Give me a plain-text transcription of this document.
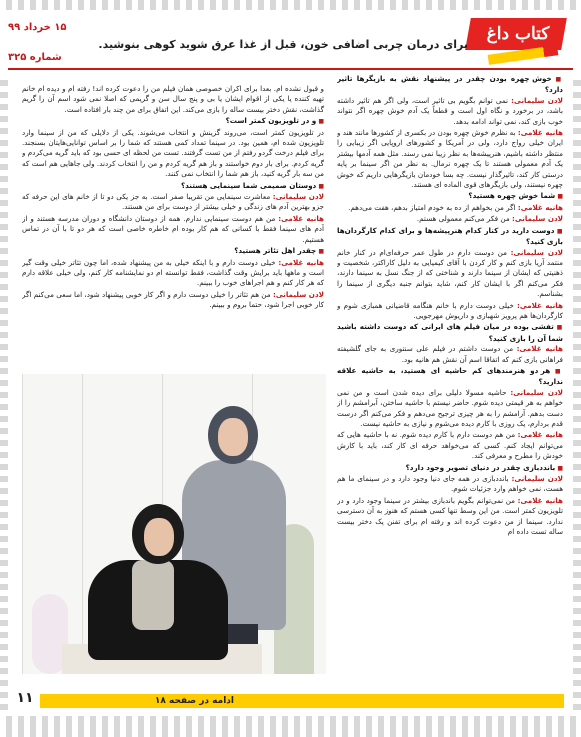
کتاب داغ
برای درمان چربی اضافی خون، قبل از غذا عرق شوید کوهی بنوشید.
۱۵ خرداد ۹۹
شماره ۳۲۵
■ خوش چهره بودن چقدر در پیشنهاد نقش به بازیگرها تاثیر دارد؟

لادن سلیمانی: نمی توانم بگویم بی تاثیر است، ولی اگر هم تاثیر داشته باشد، در برخورد و نگاه اول است و قطعاً یک آدم خوش چهره اگر نتواند خوب بازی کند، نمی تواند ادامه بدهد.

هانیه غلامی: به نظرم خوش چهره بودن در بکسری از کشورها مانند هند و ایران خیلی رواج دارد، ولی در آمریکا و کشورهای اروپایی اگر زیبایی را منتظر داشته باشیم، هنرپیشه‌ها به نظر زیبا نمی رسند. مثل همه آدمها بیشتر یک آدم معمولی هستند تا یک چهره نرمال. به نظر من اگر سینما بر پایه درستی کار کند، تاثیرگذار نیست. چه بسا خودمان بازیگرهایی داریم که خوش چهره نیستند، ولی بازیگرهای قوی الماده ای هستند.

■ شما خوش چهره هستید؟

هانیه غلامی: اگر من بخواهم از ده به خودم امتیاز بدهم، هفت می‌دهم.

لادن سلیمانی: من فکر می‌کنم معمولی هستم.

■ دوست دارید در کنار کدام هنرپیشه‌ها و برای کدام کارگردان‌ها بازی کنید؟

لادن سلیمانی: من دوست دارم در طول عمر حرفه‌ای‌ام در کنار خانم منتمد آریا بازی کنم و کار کردن با آقای کیمیایی به دلیل کاراکتر، شخصیت و ذهنیتی که ایشان از سینما دارند و شناختی که از جنگ نسل به سینما دارند، فکر می‌کنم اگر با ایشان کار کنم، شاید بتوانم جنبه دیگری از سینما را بشناسم.

هانیه غلامی: خیلی دوست دارم با خانم هنگامه قاضیانی همبازی شوم و کارگردان‌ها هم پرویز شهبازی و داریوش مهرجویی.

■ تفشی بوده در میان فیلم های ایرانی که دوست داشته باشید شما آن را بازی کنید؟

هانیه غلامی: من دوست داشتم در فیلم علی سنتوری به جای گلشیفته فراهانی بازی کنم که اتفاقا اسم آن نقش هم هانیه بود.

■ هر دو هنرمندهای کم حاشیه ای هستید، به حاشیه علاقه ندارید؟

لادن سلیمانی: حاشیه مسولا دلیلی برای دیده شدن است و من نمی خواهم به هر قیمتی دیده شوم. حاضر نیستم با حاشیه ساختن، آبرامشم را از دست بدهم. آرامشم را به هر چیزی ترجیح می‌دهم و فکر می‌کنم اگر درست قدم بردارم، یک روزی با کارم دیده می‌شوم و نیازی به حاشیه نیست.

هانیه غلامی: من هم دوست دارم با کارم دیده شوم. نه با حاشیه هایی که می‌توانم ایجاد کنم. کسی که می‌خواهد حرفه ای کار کند، باید با کارش خودش را مطرح و معرفی کند.

■ بانددبازی چقدر در دنیای تصویر وجود دارد؟

لادن سلیمانی: بانددبازی در همه جای دنیا وجود دارد و در سینمای ما هم هست، نمی خواهم وارد جزئیات شوم.

هانیه غلامی: من نمی‌توانم بگویم باندبازی بیشتر در سینما وجود دارد و در تلویزیون کمتر است. من این وسط تنها کسی هستم که هنوز به آن دسترسی ندارد. سینما از من دعوت کرده اند و رفته ام برای تفنن یک دختر بیست ساله تست داده ام

و قبول نشده ام. بعدا برای اکران خصوصی همان فیلم من را دعوت کرده اند! رفته ام و دیده ام خانم تهیه کننده یا یکی از اقوام ایشان یا بی و پنج سال سن و گریمی که اصلا نمی شود اسم آن را گریم گذاشت، نقش دختر بیست ساله را بازی می‌کند. این اتفاق برای من چند بار افتاده است.

■ و در تلویزیون کمتر است؟

در تلویزیون کمتر است، می‌روند گزینش و انتخاب می‌شوند. یکی از دلایلی که من از سینما وارد تلویزیون شده ام، همین بود. در سینما تمداد کمی هستند که شما را بر اساس توانایی‌هایتان بسنجند. برای فیلم درخت گردو رفتم از من تست گرفتند. تست من لحظه ای حسی بود که باید گریه می‌کردم و گریه کردم. برای بار دوم خواستند و باز هم گریه کردم و من را انتخاب کردند. ولی جاهایی هم است که من سه بار گریه کنید، باز هم شما را انتخاب نمی کنند.

■ دوستان صمیمی شما سینمایی هستند؟

لادن سلیمانی: معاشرت سینمایی من تقریبا صفر است. به جز یکی دو تا از خانم های این حرفه که جزو بهترین آدم های زندگی و خیلی بیشتر از دوست برای من هستند.

هانیه غلامی: من هم دوست سینمایی ندارم. همه از دوستان دانشگاه و دوران مدرسه هستند و از آدم های سینما فقط با کسانی که هم کار بوده ام خاطره خاصی است که هر دو تا با آن در تماس هستیم.

■ چقدر اهل تئاتر هستید؟

هانیه غلامی: خیلی دوست دارم و با اینکه خیلی به من پیشنهاد شده، اما چون تئاتر خیلی وقت گیر است و ماهها باید برایش وقت گذاشت، فقط توانسته ام دو نمایشنامه کار کنم، ولی خیلی علاقه دارم که هر کار کنم و هم اجراهای خوب را ببینم.

لادن سلیمانی: من هم تئاتر را خیلی دوست دارم و اگر کار خوبی پیشنهاد شود، اما سعی می‌کنم اگر کار خوبی اجرا شود، حتما بروم و ببینم.

ادامه در صفحه ۱۸
۱۱
